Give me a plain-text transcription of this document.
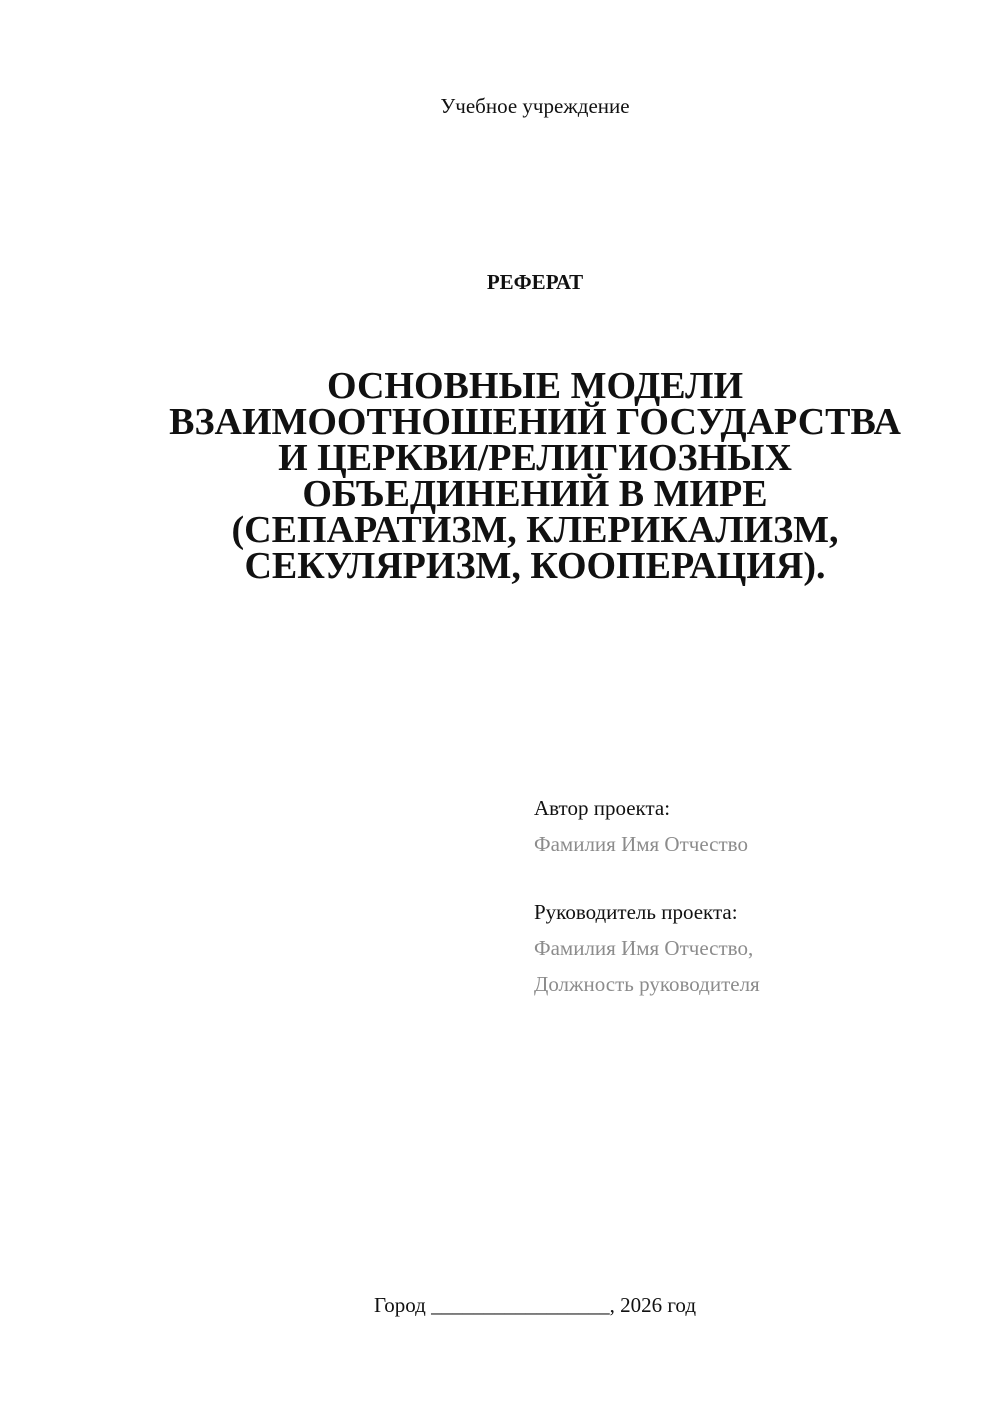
Учебное учреждение
РЕФЕРАТ
ОСНОВНЫЕ МОДЕЛИ
ВЗАИМООТНОШЕНИЙ ГОСУДАРСТВА
И ЦЕРКВИ/РЕЛИГИОЗНЫХ
ОБЪЕДИНЕНИЙ В МИРЕ
(СЕПАРАТИЗМ, КЛЕРИКАЛИЗМ,
СЕКУЛЯРИЗМ, КООПЕРАЦИЯ).
Автор проекта:
Фамилия Имя Отчество
Руководитель проекта:
Фамилия Имя Отчество,
Должность руководителя
Город _________________, 2026 год
